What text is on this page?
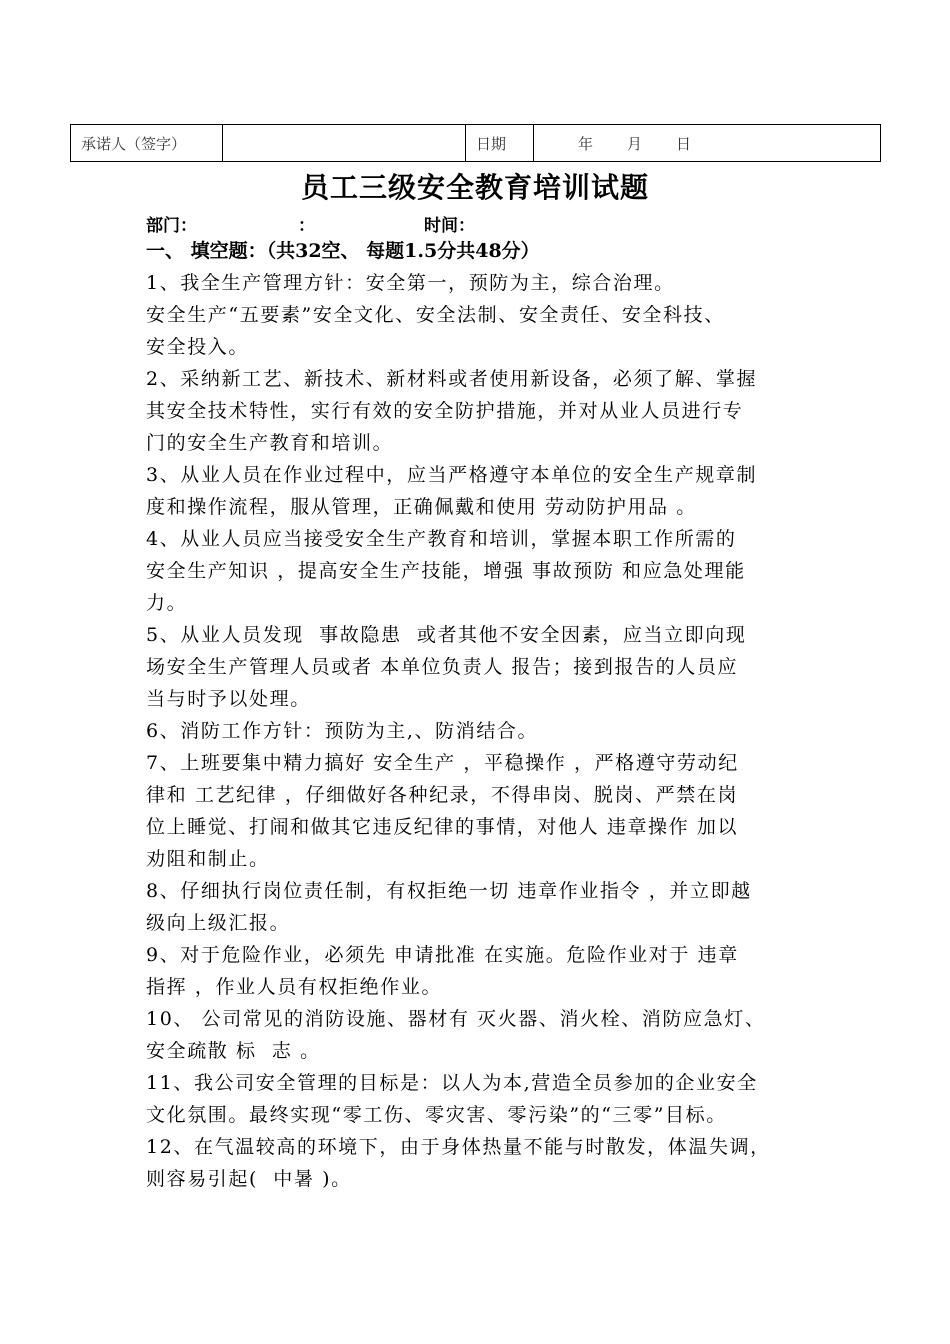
承诺人（签字）		日期	年 月 日
员工三级安全教育培训试题
部门：	：	时间：
一、 填空题：（共32空、 每题1.5分共48分）

1、我全生产管理方针：安全第一，预防为主，综合治理。

安全生产“五要素”安全文化、安全法制、安全责任、安全科技、

安全投入。

2、采纳新工艺、新技术、新材料或者使用新设备，必须了解、掌握

其安全技术特性，实行有效的安全防护措施，并对从业人员进行专

门的安全生产教育和培训。

3、从业人员在作业过程中，应当严格遵守本单位的安全生产规章制

度和操作流程，服从管理，正确佩戴和使用 劳动防护用品 。

4、从业人员应当接受安全生产教育和培训，掌握本职工作所需的

安全生产知识 ，提高安全生产技能，增强 事故预防 和应急处理能

力。

5、从业人员发现  事故隐患  或者其他不安全因素，应当立即向现

场安全生产管理人员或者 本单位负责人 报告；接到报告的人员应

当与时予以处理。

6、消防工作方针：预防为主,、防消结合。

7、上班要集中精力搞好 安全生产 ，平稳操作 ，严格遵守劳动纪

律和 工艺纪律 ，仔细做好各种纪录，不得串岗、脱岗、严禁在岗

位上睡觉、打闹和做其它违反纪律的事情，对他人 违章操作 加以

劝阻和制止。

8、仔细执行岗位责任制，有权拒绝一切 违章作业指令 ，并立即越

级向上级汇报。

9、对于危险作业，必须先 申请批准 在实施。危险作业对于 违章

指挥 ，作业人员有权拒绝作业。

10、 公司常见的消防设施、器材有 灭火器、消火栓、消防应急灯、

安全疏散 标  志 。

11、我公司安全管理的目标是：以人为本,营造全员参加的企业安全

文化氛围。最终实现“零工伤、零灾害、零污染”的“三零”目标。

12、在气温较高的环境下，由于身体热量不能与时散发，体温失调，

则容易引起(  中暑 )。
